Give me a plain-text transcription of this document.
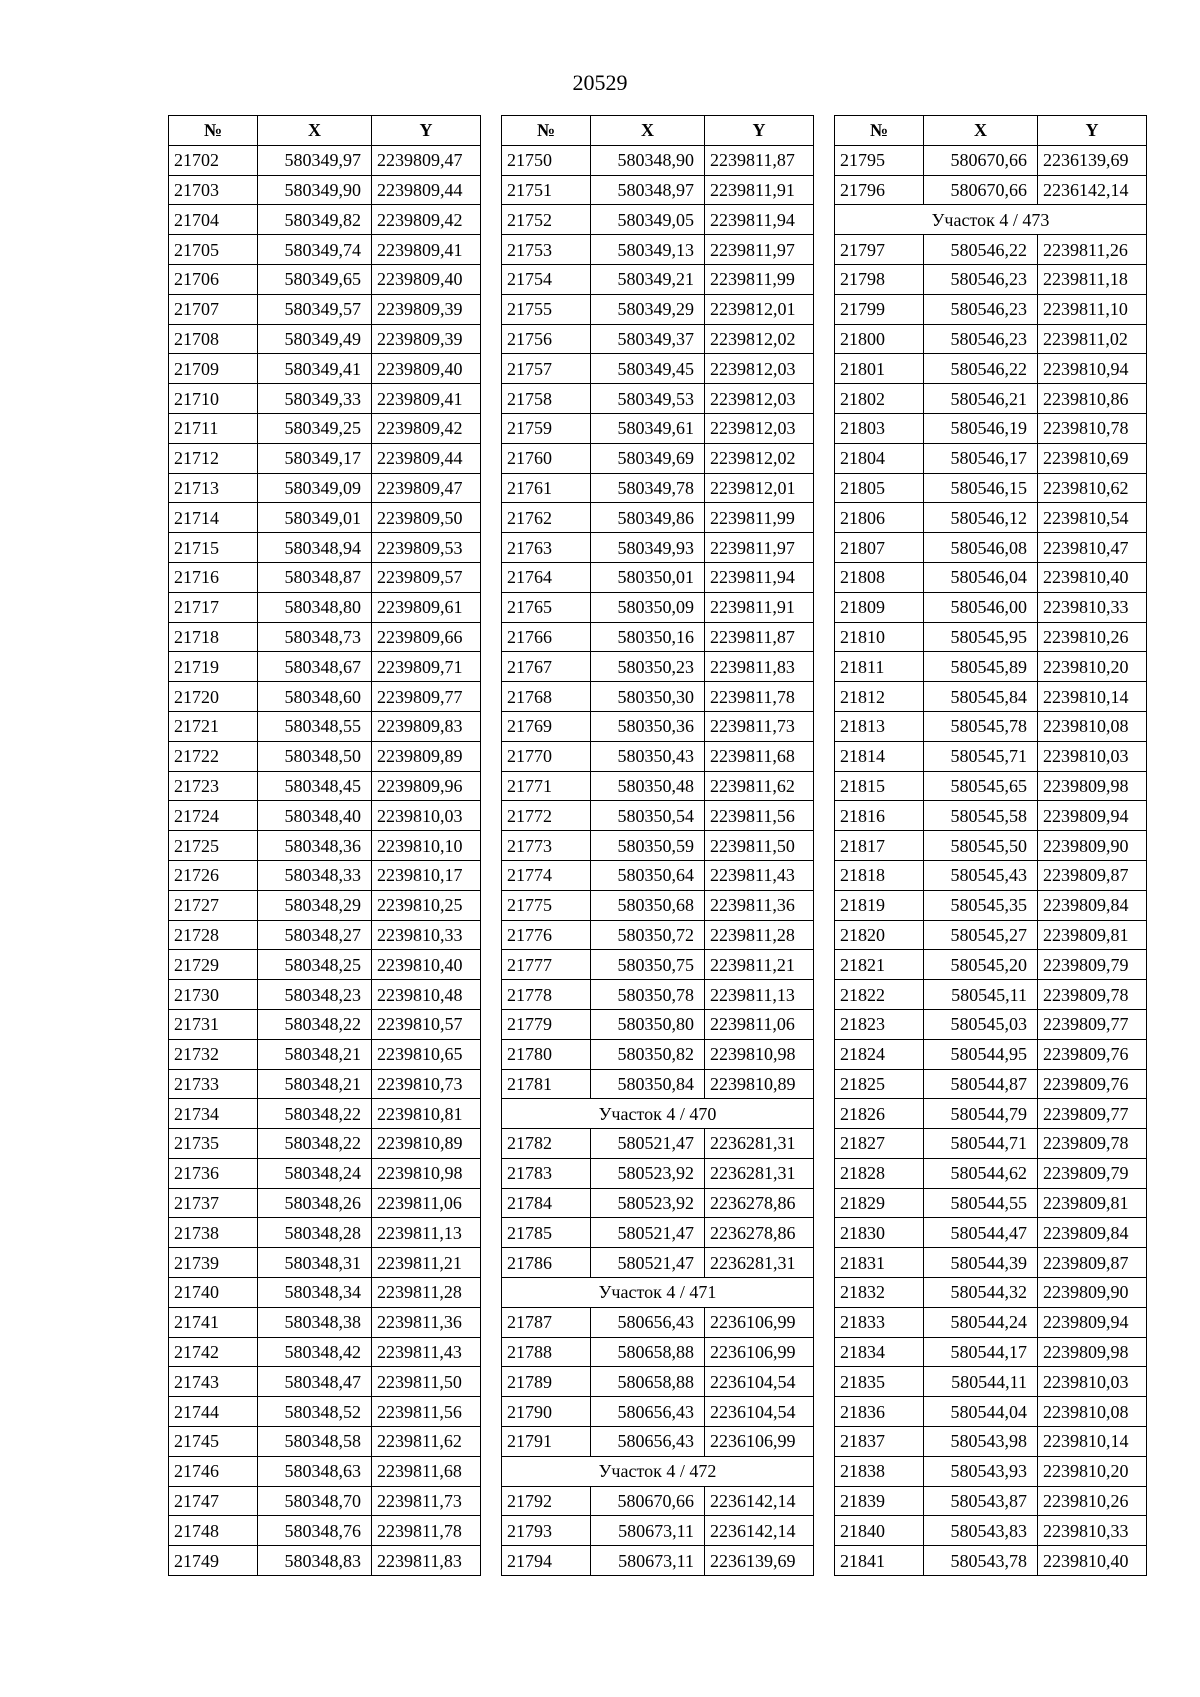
20529
№	X	Y
21702	580349,97	2239809,47
21703	580349,90	2239809,44
21704	580349,82	2239809,42
21705	580349,74	2239809,41
21706	580349,65	2239809,40
21707	580349,57	2239809,39
21708	580349,49	2239809,39
21709	580349,41	2239809,40
21710	580349,33	2239809,41
21711	580349,25	2239809,42
21712	580349,17	2239809,44
21713	580349,09	2239809,47
21714	580349,01	2239809,50
21715	580348,94	2239809,53
21716	580348,87	2239809,57
21717	580348,80	2239809,61
21718	580348,73	2239809,66
21719	580348,67	2239809,71
21720	580348,60	2239809,77
21721	580348,55	2239809,83
21722	580348,50	2239809,89
21723	580348,45	2239809,96
21724	580348,40	2239810,03
21725	580348,36	2239810,10
21726	580348,33	2239810,17
21727	580348,29	2239810,25
21728	580348,27	2239810,33
21729	580348,25	2239810,40
21730	580348,23	2239810,48
21731	580348,22	2239810,57
21732	580348,21	2239810,65
21733	580348,21	2239810,73
21734	580348,22	2239810,81
21735	580348,22	2239810,89
21736	580348,24	2239810,98
21737	580348,26	2239811,06
21738	580348,28	2239811,13
21739	580348,31	2239811,21
21740	580348,34	2239811,28
21741	580348,38	2239811,36
21742	580348,42	2239811,43
21743	580348,47	2239811,50
21744	580348,52	2239811,56
21745	580348,58	2239811,62
21746	580348,63	2239811,68
21747	580348,70	2239811,73
21748	580348,76	2239811,78
21749	580348,83	2239811,83
№	X	Y
21750	580348,90	2239811,87
21751	580348,97	2239811,91
21752	580349,05	2239811,94
21753	580349,13	2239811,97
21754	580349,21	2239811,99
21755	580349,29	2239812,01
21756	580349,37	2239812,02
21757	580349,45	2239812,03
21758	580349,53	2239812,03
21759	580349,61	2239812,03
21760	580349,69	2239812,02
21761	580349,78	2239812,01
21762	580349,86	2239811,99
21763	580349,93	2239811,97
21764	580350,01	2239811,94
21765	580350,09	2239811,91
21766	580350,16	2239811,87
21767	580350,23	2239811,83
21768	580350,30	2239811,78
21769	580350,36	2239811,73
21770	580350,43	2239811,68
21771	580350,48	2239811,62
21772	580350,54	2239811,56
21773	580350,59	2239811,50
21774	580350,64	2239811,43
21775	580350,68	2239811,36
21776	580350,72	2239811,28
21777	580350,75	2239811,21
21778	580350,78	2239811,13
21779	580350,80	2239811,06
21780	580350,82	2239810,98
21781	580350,84	2239810,89
Участок 4 / 470		
21782	580521,47	2236281,31
21783	580523,92	2236281,31
21784	580523,92	2236278,86
21785	580521,47	2236278,86
21786	580521,47	2236281,31
Участок 4 / 471		
21787	580656,43	2236106,99
21788	580658,88	2236106,99
21789	580658,88	2236104,54
21790	580656,43	2236104,54
21791	580656,43	2236106,99
Участок 4 / 472		
21792	580670,66	2236142,14
21793	580673,11	2236142,14
21794	580673,11	2236139,69
№	X	Y
21795	580670,66	2236139,69
21796	580670,66	2236142,14
Участок 4 / 473		
21797	580546,22	2239811,26
21798	580546,23	2239811,18
21799	580546,23	2239811,10
21800	580546,23	2239811,02
21801	580546,22	2239810,94
21802	580546,21	2239810,86
21803	580546,19	2239810,78
21804	580546,17	2239810,69
21805	580546,15	2239810,62
21806	580546,12	2239810,54
21807	580546,08	2239810,47
21808	580546,04	2239810,40
21809	580546,00	2239810,33
21810	580545,95	2239810,26
21811	580545,89	2239810,20
21812	580545,84	2239810,14
21813	580545,78	2239810,08
21814	580545,71	2239810,03
21815	580545,65	2239809,98
21816	580545,58	2239809,94
21817	580545,50	2239809,90
21818	580545,43	2239809,87
21819	580545,35	2239809,84
21820	580545,27	2239809,81
21821	580545,20	2239809,79
21822	580545,11	2239809,78
21823	580545,03	2239809,77
21824	580544,95	2239809,76
21825	580544,87	2239809,76
21826	580544,79	2239809,77
21827	580544,71	2239809,78
21828	580544,62	2239809,79
21829	580544,55	2239809,81
21830	580544,47	2239809,84
21831	580544,39	2239809,87
21832	580544,32	2239809,90
21833	580544,24	2239809,94
21834	580544,17	2239809,98
21835	580544,11	2239810,03
21836	580544,04	2239810,08
21837	580543,98	2239810,14
21838	580543,93	2239810,20
21839	580543,87	2239810,26
21840	580543,83	2239810,33
21841	580543,78	2239810,40
